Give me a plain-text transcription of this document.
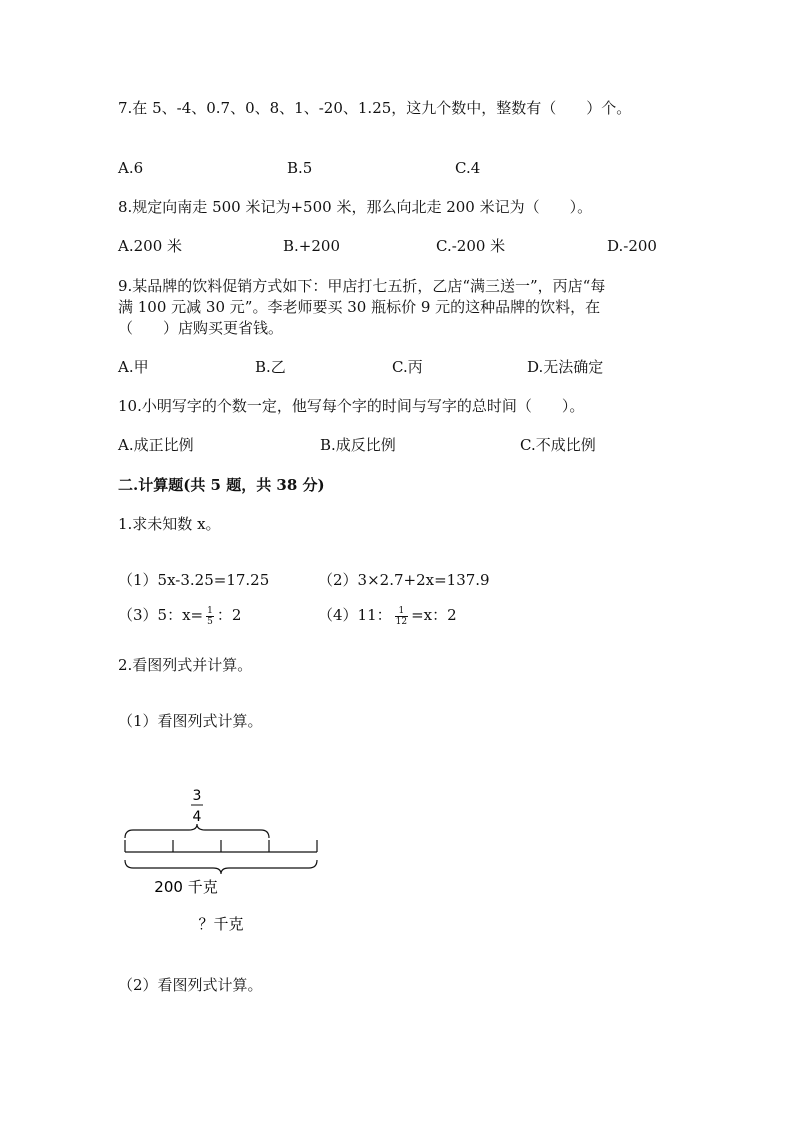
7.在 5、-4、0.7、0、8、1、-20、1.25，这九个数中，整数有（　　）个。
A.6	B.5	C.4
8.规定向南走 500 米记为+500 米，那么向北走 200 米记为（　　）。
A.200 米	B.+200	C.-200 米	D.-200
9.某品牌的饮料促销方式如下：甲店打七五折，乙店“满三送一”，丙店“每
满 100 元减 30 元”。李老师要买 30 瓶标价 9 元的这种品牌的饮料，在
（　　）店购买更省钱。
A.甲	B.乙	C.丙	D.无法确定
10.小明写字的个数一定，他写每个字的时间与写字的总时间（　　）。
A.成正比例	B.成反比例	C.不成比例
二.计算题(共 5 题，共 38 分)
1.求未知数 x。
（1）5x-3.25=17.25	（2）3×2.7+2x=137.9
（3）5：$x= \frac{1}{5}$ ：2	（4）11： $\frac{1}{12} =x$：2
2.看图列式并计算。
（1）看图列式计算。
3
4
200 千克
？千克
（2）看图列式计算。
